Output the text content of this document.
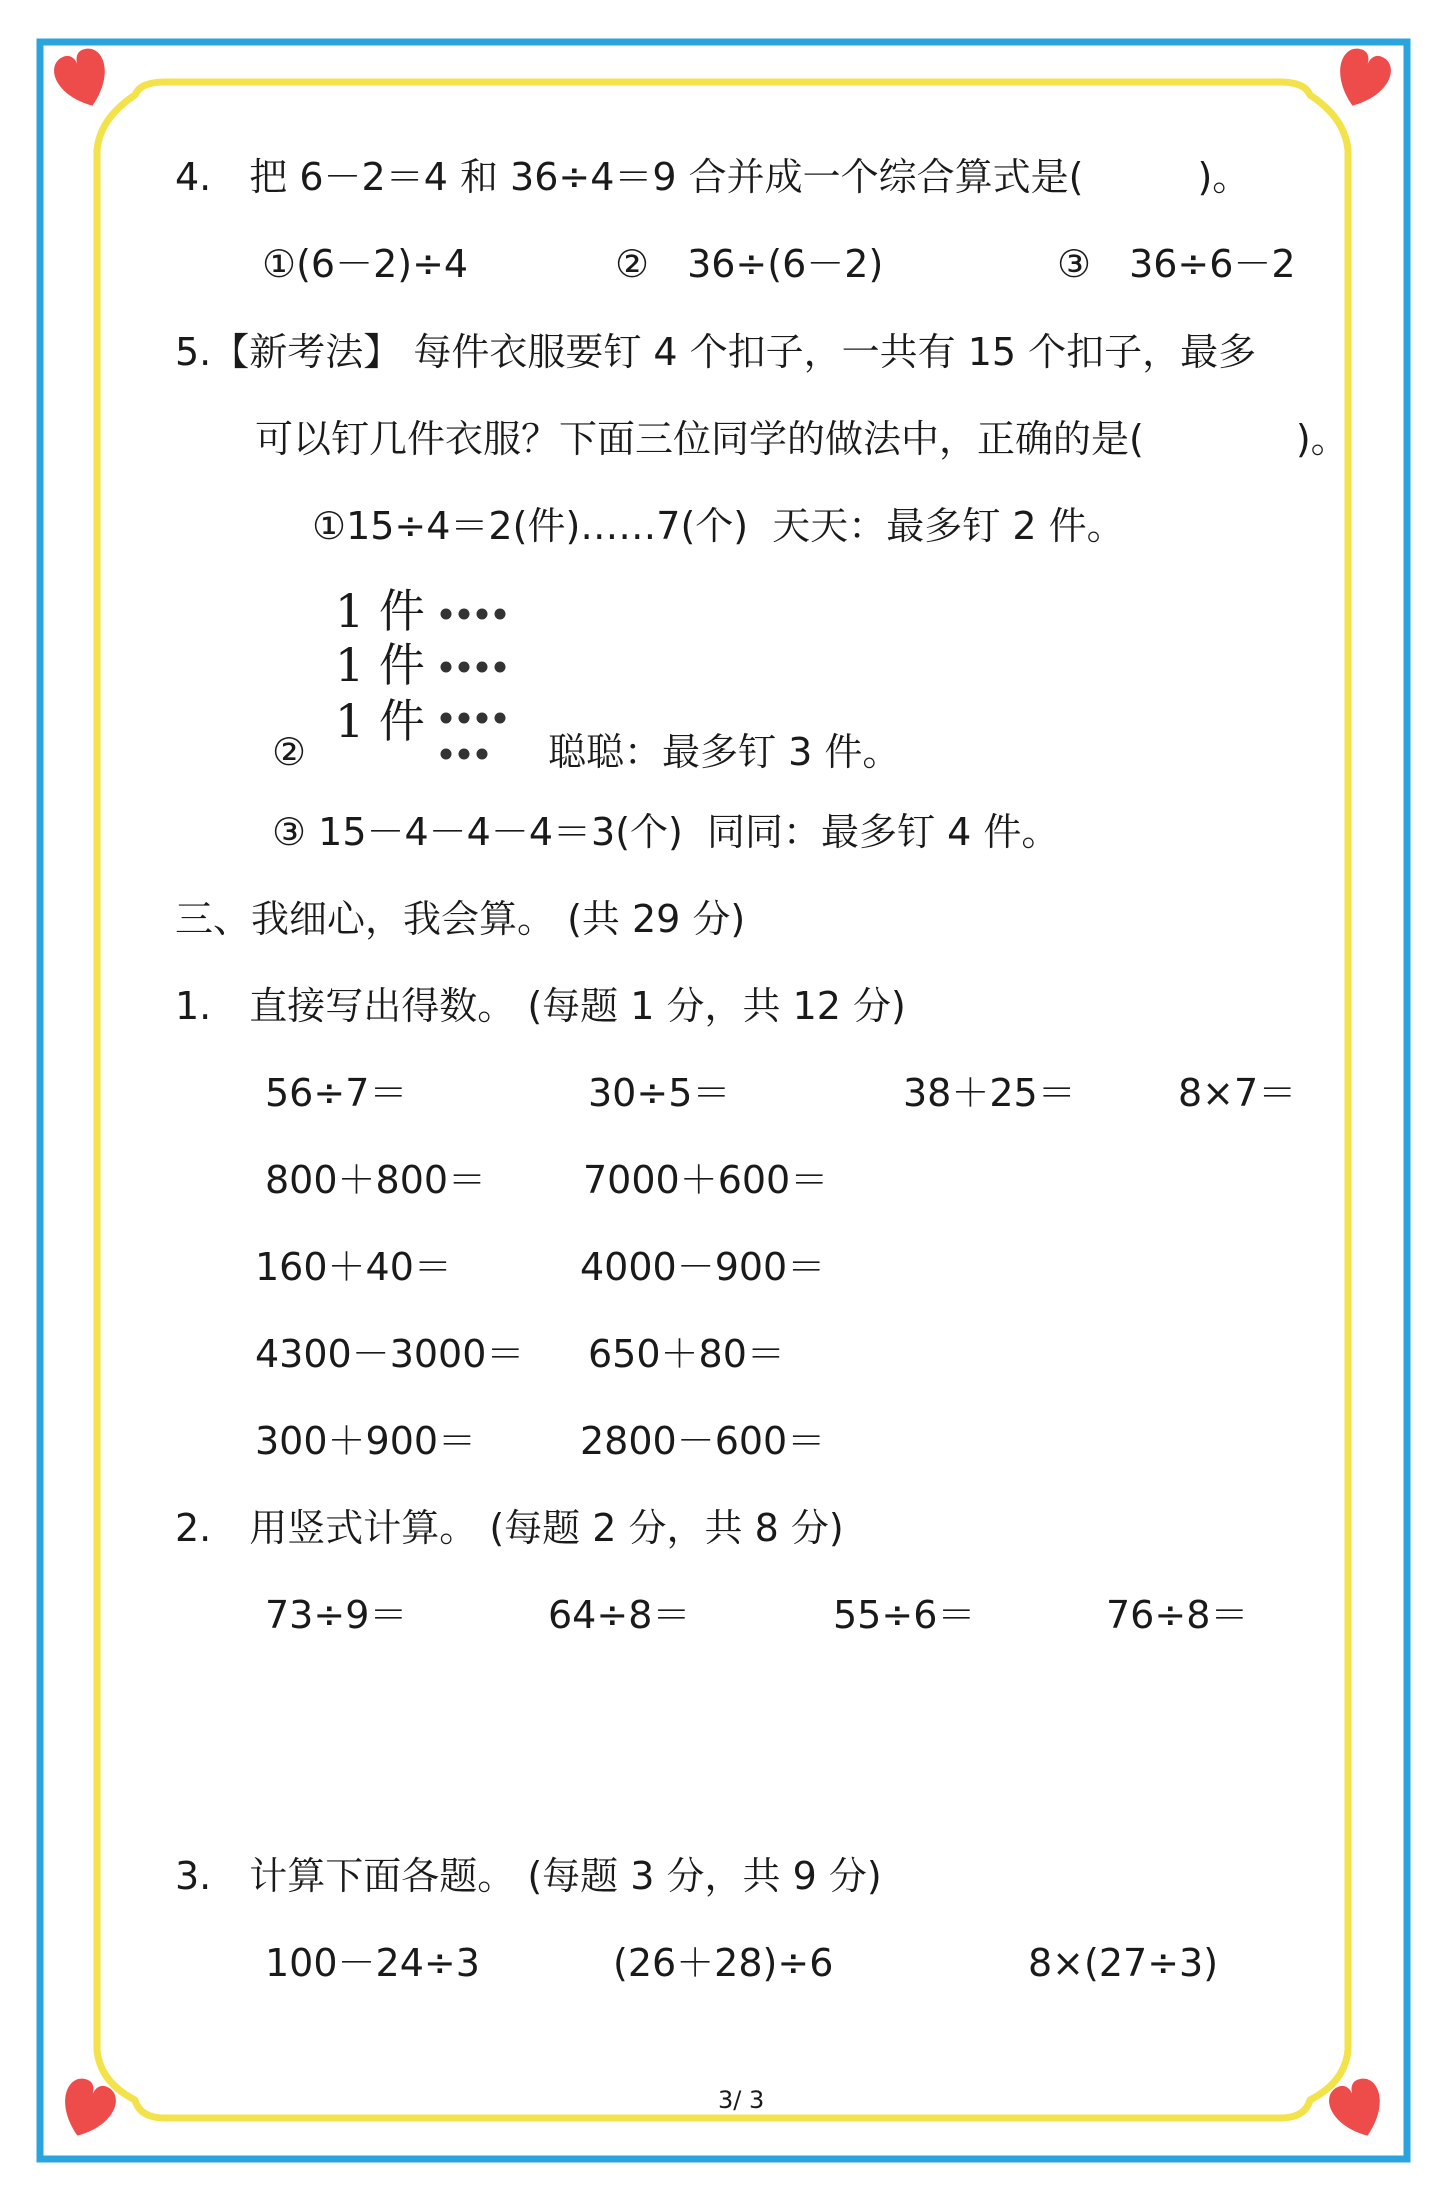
4.　把 6－2＝4 和 36÷4＝9 合并成一个综合算式是(　　　)。
①(6－2)÷4	②　36÷(6－2)	③　36÷6－2
5.【新考法】 每件衣服要钉 4 个扣子，一共有 15 个扣子，最多
可以钉几件衣服？下面三位同学的做法中，正确的是(　　　　)。
①15÷4＝2(件)……7(个)  天天：最多钉 2 件。
1 件
1 件
1 件
②	聪聪：最多钉 3 件。
③ 15－4－4－4＝3(个)  同同：最多钉 4 件。
三、我细心，我会算。 (共 29 分)
1.　直接写出得数。 (每题 1 分，共 12 分)
56÷7＝	30÷5＝	38＋25＝	8×7＝
800＋800＝	7000＋600＝
160＋40＝	4000－900＝
4300－3000＝ 650＋80＝
300＋900＝	2800－600＝
2.　用竖式计算。 (每题 2 分，共 8 分)
73÷9＝	64÷8＝	55÷6＝	76÷8＝
3.　计算下面各题。 (每题 3 分，共 9 分)
100－24÷3	(26＋28)÷6	8×(27÷3)
3/ 3
